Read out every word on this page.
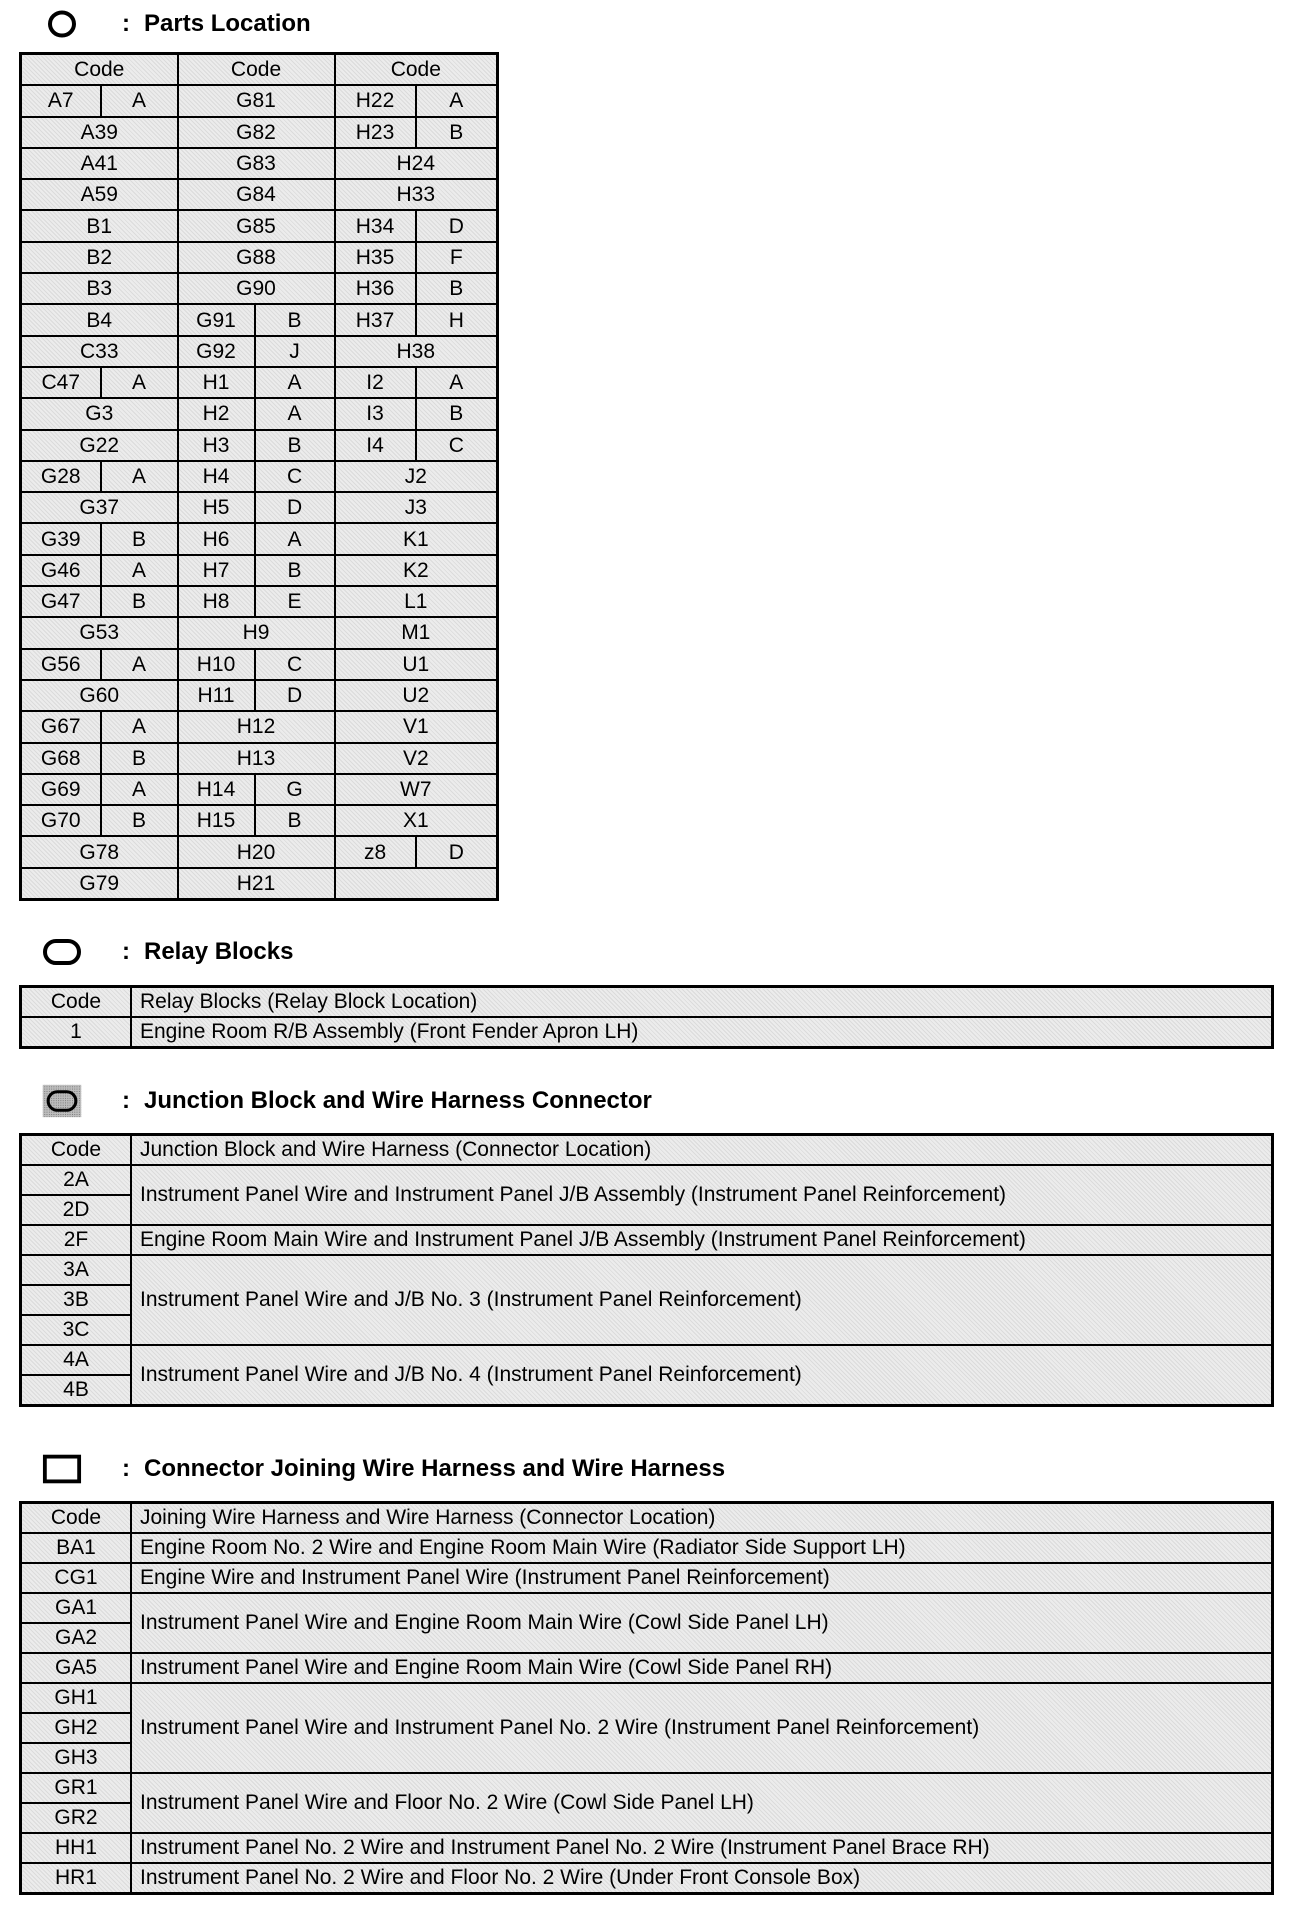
: Parts Location
Code		Code		Code	
A7	A	G81		H22	A
A39		G82		H23	B
A41		G83		H24	
A59		G84		H33	
B1		G85		H34	D
B2		G88		H35	F
B3		G90		H36	B
B4		G91	B	H37	H
C33		G92	J	H38	
C47	A	H1	A	I2	A
G3		H2	A	I3	B
G22		H3	B	I4	C
G28	A	H4	C	J2	
G37		H5	D	J3	
G39	B	H6	A	K1	
G46	A	H7	B	K2	
G47	B	H8	E	L1	
G53		H9		M1	
G56	A	H10	C	U1	
G60		H11	D	U2	
G67	A	H12		V1	
G68	B	H13		V2	
G69	A	H14	G	W7	
G70	B	H15	B	X1	
G78		H20		z8	D
G79		H21			
: Relay Blocks
Code	Relay Blocks (Relay Block Location)
1	Engine Room R/B Assembly (Front Fender Apron LH)
: Junction Block and Wire Harness Connector
Code	Junction Block and Wire Harness (Connector Location)
2A	Instrument Panel Wire and Instrument Panel J/B Assembly (Instrument Panel Reinforcement)
2D	
2F	Engine Room Main Wire and Instrument Panel J/B Assembly (Instrument Panel Reinforcement)
3A	Instrument Panel Wire and J/B No. 3 (Instrument Panel Reinforcement)
3B	
3C	
4A	Instrument Panel Wire and J/B No. 4 (Instrument Panel Reinforcement)
4B	
: Connector Joining Wire Harness and Wire Harness
Code	Joining Wire Harness and Wire Harness (Connector Location)
BA1	Engine Room No. 2 Wire and Engine Room Main Wire (Radiator Side Support LH)
CG1	Engine Wire and Instrument Panel Wire (Instrument Panel Reinforcement)
GA1	Instrument Panel Wire and Engine Room Main Wire (Cowl Side Panel LH)
GA2	
GA5	Instrument Panel Wire and Engine Room Main Wire (Cowl Side Panel RH)
GH1	Instrument Panel Wire and Instrument Panel No. 2 Wire (Instrument Panel Reinforcement)
GH2	
GH3	
GR1	Instrument Panel Wire and Floor No. 2 Wire (Cowl Side Panel LH)
GR2	
HH1	Instrument Panel No. 2 Wire and Instrument Panel No. 2 Wire (Instrument Panel Brace RH)
HR1	Instrument Panel No. 2 Wire and Floor No. 2 Wire (Under Front Console Box)
